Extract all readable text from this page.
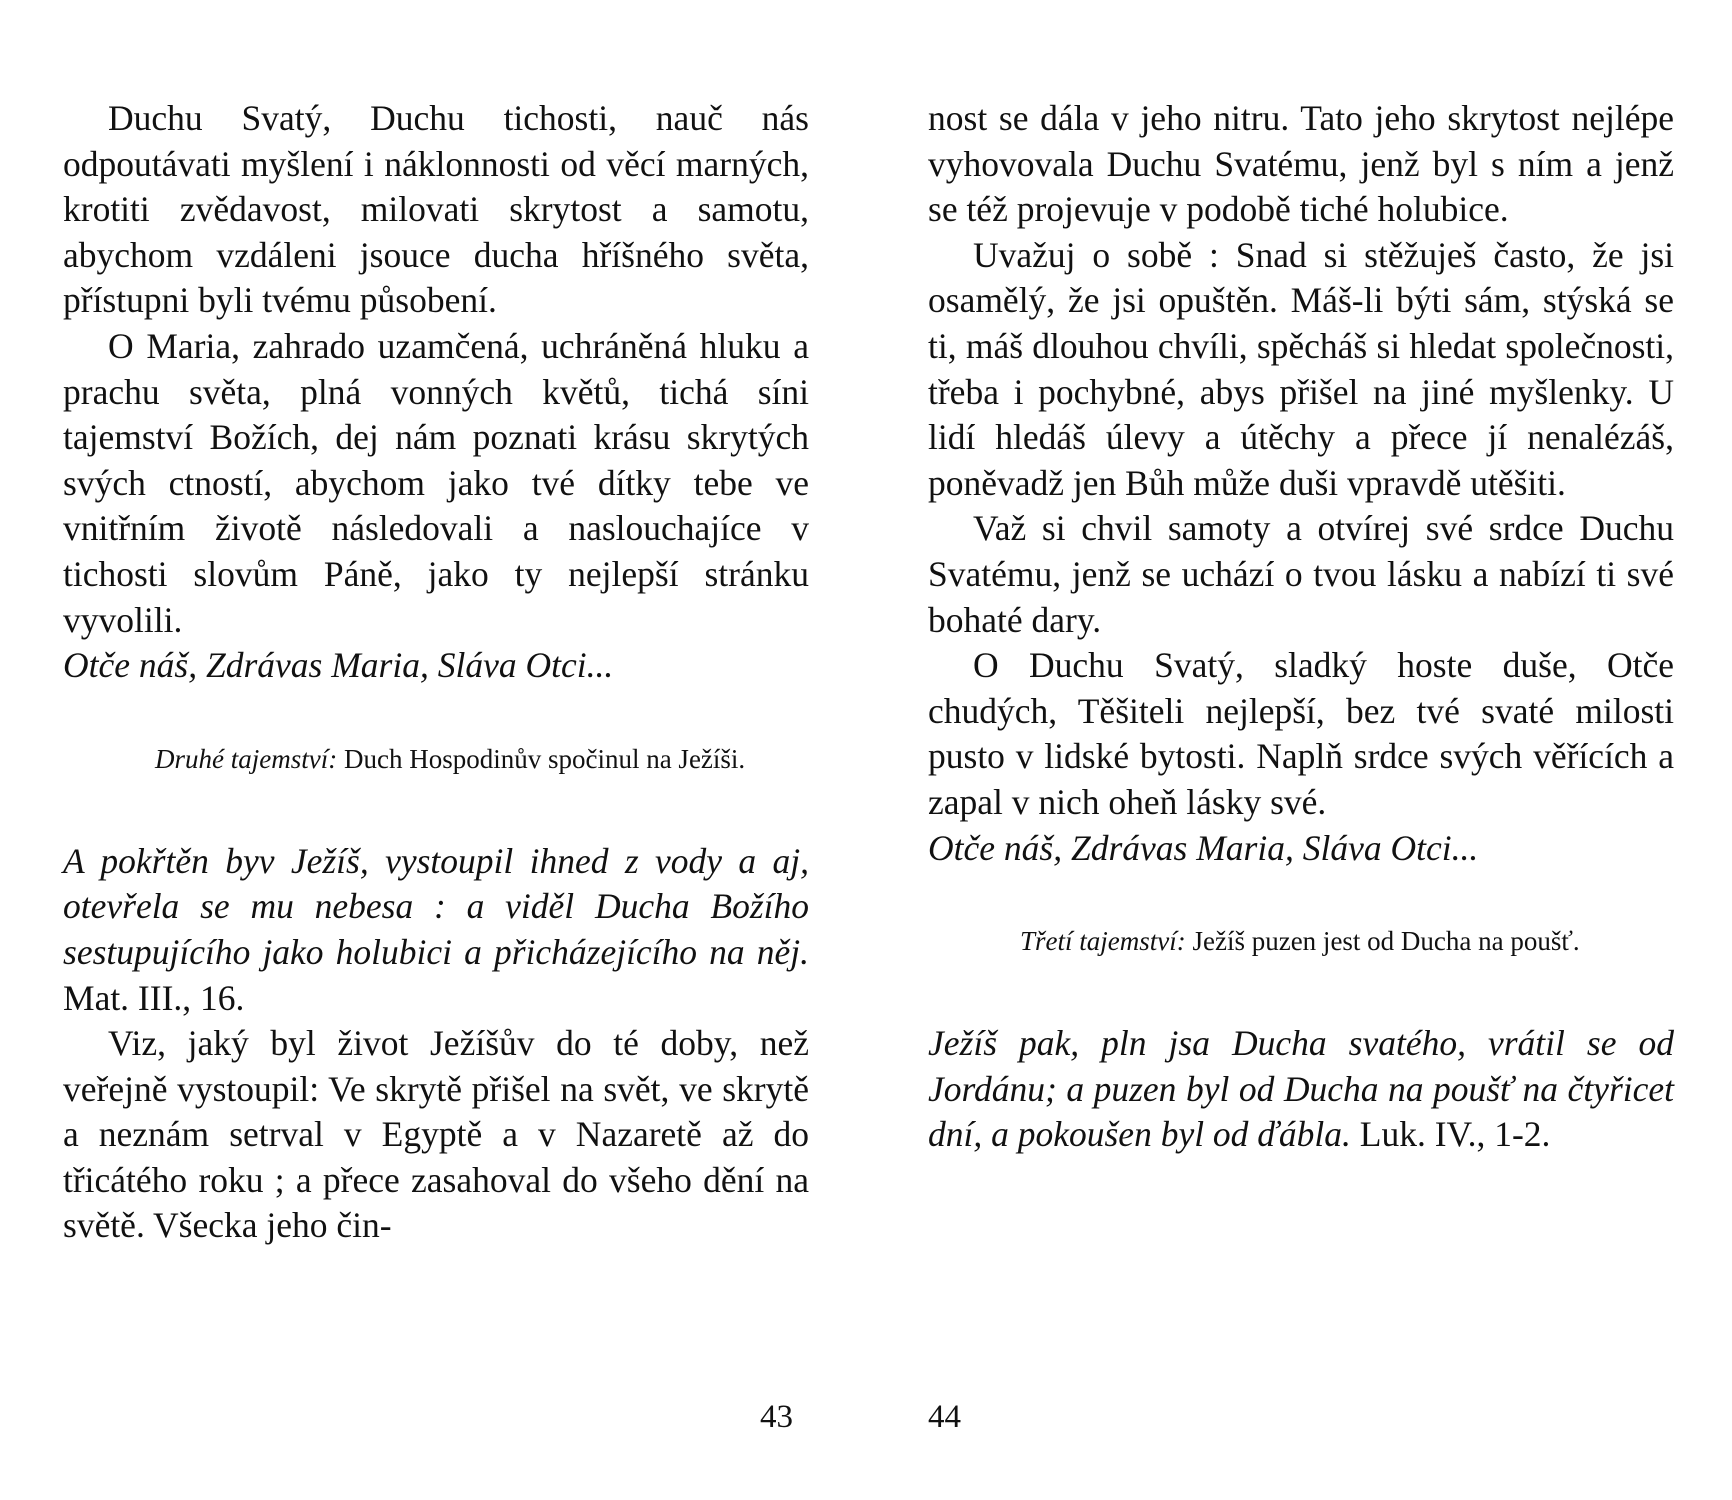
Duchu Svatý, Duchu tichosti, nauč nás odpoutávati myšlení i náklonnosti od věcí marných, krotiti zvědavost, milovati skrytost a samotu, abychom vzdáleni jsouce ducha hříšného světa, přístupni byli tvému působení.

O Maria, zahrado uzamčená, uchráněná hluku a prachu světa, plná vonných květů, tichá síni tajemství Božích, dej nám poznati krásu skrytých svých ctností, abychom jako tvé dítky tebe ve vnitřním životě následovali a naslouchajíce v tichosti slovům Páně, jako ty nejlepší stránku vyvolili.

Otče náš, Zdrávas Maria, Sláva Otci...

Druhé tajemství: Duch Hospodinův spočinul na Ježíši.

A pokřtěn byv Ježíš, vystoupil ihned z vody a aj, otevřela se mu nebesa : a viděl Ducha Božího sestupujícího jako holubici a přicházejícího na něj. Mat. III., 16.

Viz, jaký byl život Ježíšův do té doby, než veřejně vystoupil: Ve skrytě přišel na svět, ve skrytě a neznám setrval v Egyptě a v Nazaretě až do třicátého roku ; a přece zasahoval do všeho dění na světě. Všecka jeho čin-

nost se dála v jeho nitru. Tato jeho skrytost nejlépe vyhovovala Duchu Svatému, jenž byl s ním a jenž se též projevuje v podobě tiché holubice.

Uvažuj o sobě : Snad si stěžuješ často, že jsi osamělý, že jsi opuštěn. Máš-li býti sám, stýská se ti, máš dlouhou chvíli, spěcháš si hledat společnosti, třeba i pochybné, abys přišel na jiné myšlenky. U lidí hledáš úlevy a útěchy a přece jí nenalézáš, poněvadž jen Bůh může duši vpravdě utěšiti.

Važ si chvil samoty a otvírej své srdce Duchu Svatému, jenž se uchází o tvou lásku a nabízí ti své bohaté dary.

O Duchu Svatý, sladký hoste duše, Otče chudých, Těšiteli nejlepší, bez tvé svaté milosti pusto v lidské bytosti. Naplň srdce svých věřících a zapal v nich oheň lásky své.

Otče náš, Zdrávas Maria, Sláva Otci...

Třetí tajemství: Ježíš puzen jest od Ducha na poušť.

Ježíš pak, pln jsa Ducha svatého, vrátil se od Jordánu; a puzen byl od Ducha na poušť na čtyřicet dní, a pokoušen byl od ďábla. Luk. IV., 1-2.

43	44
